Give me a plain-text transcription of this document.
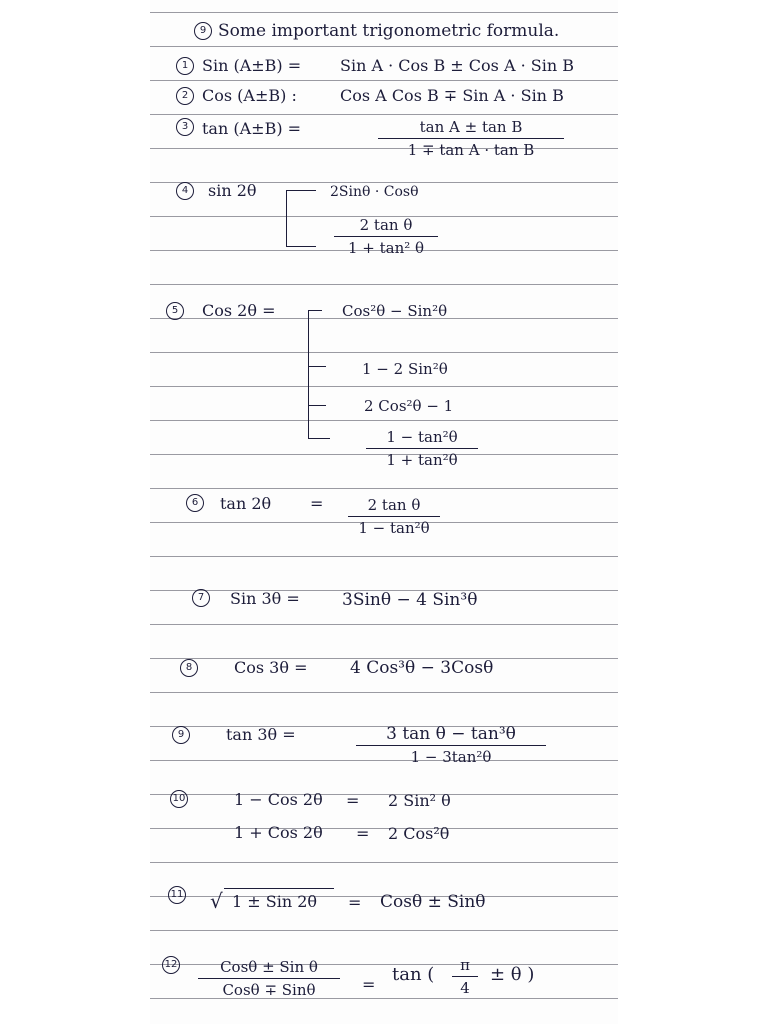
9 Some important trigonometric formula.
1 Sin (A±B) = Sin A · Cos B ± Cos A · Sin B
2 Cos (A±B) :	Cos A Cos B ∓ Sin A · Sin B
3 tan (A±B) =	tan A ± tan B
1 ∓ tan A · tan B
4	sin 2θ	2Sinθ · Cosθ
2 tan θ
1 + tan² θ
5	Cos 2θ =	Cos²θ − Sin²θ
1 − 2 Sin²θ
2 Cos²θ − 1
1 − tan²θ
1 + tan²θ
6	tan 2θ =	2 tan θ
1 − tan²θ
7	Sin 3θ = 3Sinθ − 4 Sin³θ
8	Cos 3θ =	4 Cos³θ − 3Cosθ
9	tan 3θ =	3 tan θ − tan³θ
1 − 3tan²θ
10	1 − Cos 2θ = 2 Sin² θ
1 + Cos 2θ = 2 Cos²θ
11 √ 1 ± Sin 2θ = Cosθ ± Sinθ
12	Cosθ ± Sin θ
Cosθ ∓ Sinθ	= tan (	π
4
± θ )
